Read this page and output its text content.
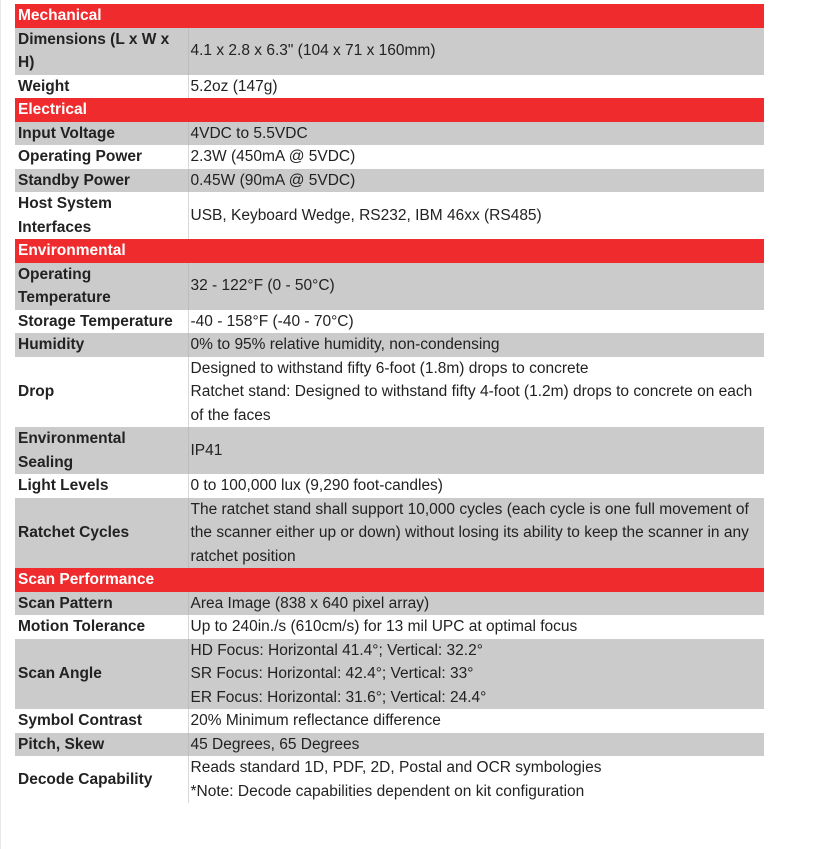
Mechanical	
Dimensions (L x W x H)	4.1 x 2.8 x 6.3" (104 x 71 x 160mm)

Weight	5.2oz (147g)

Electrical	
Input Voltage	4VDC to 5.5VDC

Operating Power	2.3W (450mA @ 5VDC)

Standby Power	0.45W (90mA @ 5VDC)

Host System Interfaces	USB, Keyboard Wedge, RS232, IBM 46xx (RS485)

Environmental	
Operating Temperature	32 - 122°F (0 - 50°C)

Storage Temperature	-40 - 158°F (-40 - 70°C)

Humidity	0% to 95% relative humidity, non-condensing

Drop	Designed to withstand fifty 6-foot (1.8m) drops to concrete
Ratchet stand: Designed to withstand fifty 4-foot (1.2m) drops to concrete on each of the faces

Environmental Sealing	IP41

Light Levels	0 to 100,000 lux (9,290 foot-candles)

Ratchet Cycles	The ratchet stand shall support 10,000 cycles (each cycle is one full movement of the scanner either up or down) without losing its ability to keep the scanner in any ratchet position

Scan Performance	
Scan Pattern	Area Image (838 x 640 pixel array)

Motion Tolerance	Up to 240in./s (610cm/s) for 13 mil UPC at optimal focus

Scan Angle	HD Focus: Horizontal 41.4°; Vertical: 32.2°
SR Focus: Horizontal: 42.4°; Vertical: 33°
ER Focus: Horizontal: 31.6°; Vertical: 24.4°

Symbol Contrast	20% Minimum reflectance difference

Pitch, Skew	45 Degrees, 65 Degrees

Decode Capability	Reads standard 1D, PDF, 2D, Postal and OCR symbologies
*Note: Decode capabilities dependent on kit configuration
